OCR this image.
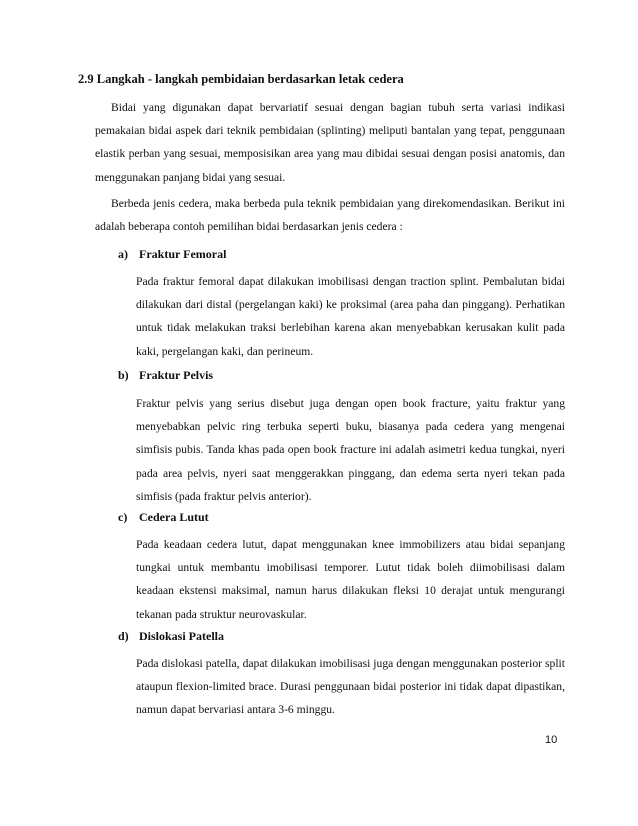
2.9 Langkah - langkah pembidaian berdasarkan letak cedera

Bidai yang digunakan dapat bervariatif sesuai dengan bagian tubuh serta variasi indikasi pemakaian bidai aspek dari teknik pembidaian (splinting) meliputi bantalan yang tepat, penggunaan elastik perban yang sesuai, memposisikan area yang mau dibidai sesuai dengan posisi anatomis, dan menggunakan panjang bidai yang sesuai.

Berbeda jenis cedera, maka berbeda pula teknik pembidaian yang direkomendasikan. Berikut ini adalah beberapa contoh pemilihan bidai berdasarkan jenis cedera :

a) Fraktur Femoral

Pada fraktur femoral dapat dilakukan imobilisasi dengan traction splint. Pembalutan bidai dilakukan dari distal (pergelangan kaki) ke proksimal (area paha dan pinggang). Perhatikan untuk tidak melakukan traksi berlebihan karena akan menyebabkan kerusakan kulit pada kaki, pergelangan kaki, dan perineum.

b) Fraktur Pelvis

Fraktur pelvis yang serius disebut juga dengan open book fracture, yaitu fraktur yang menyebabkan pelvic ring terbuka seperti buku, biasanya pada cedera yang mengenai simfisis pubis. Tanda khas pada open book fracture ini adalah asimetri kedua tungkai, nyeri pada area pelvis, nyeri saat menggerakkan pinggang, dan edema serta nyeri tekan pada simfisis (pada fraktur pelvis anterior).

c) Cedera Lutut

Pada keadaan cedera lutut, dapat menggunakan knee immobilizers atau bidai sepanjang tungkai untuk membantu imobilisasi temporer. Lutut tidak boleh diimobilisasi dalam keadaan ekstensi maksimal, namun harus dilakukan fleksi 10 derajat untuk mengurangi tekanan pada struktur neurovaskular.

d) Dislokasi Patella

Pada dislokasi patella, dapat dilakukan imobilisasi juga dengan menggunakan posterior split ataupun flexion-limited brace. Durasi penggunaan bidai posterior ini tidak dapat dipastikan, namun dapat bervariasi antara 3-6 minggu.

10
